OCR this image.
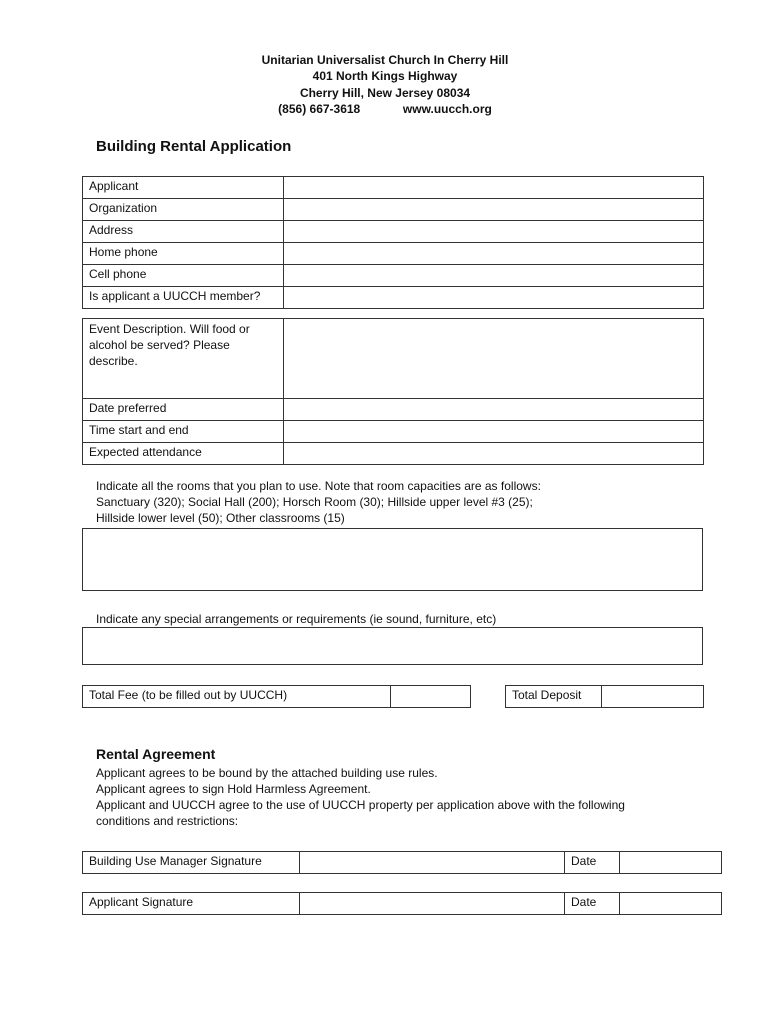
Unitarian Universalist Church In Cherry Hill
401 North Kings Highway
Cherry Hill, New Jersey 08034
(856) 667-3618	www.uucch.org
Building Rental Application
Applicant	
Organization	
Address	
Home phone	
Cell phone	
Is applicant a UUCCH member?	
Event Description. Will food or alcohol be served? Please describe.	
Date preferred	
Time start and end	
Expected attendance	
Indicate all the rooms that you plan to use. Note that room capacities are as follows:
Sanctuary (320); Social Hall (200); Horsch Room (30); Hillside upper level #3 (25);
Hillside lower level (50); Other classrooms (15)
Indicate any special arrangements or requirements (ie sound, furniture, etc)
Total Fee (to be filled out by UUCCH)		Total Deposit	
Rental Agreement
Applicant agrees to be bound by the attached building use rules.
Applicant agrees to sign Hold Harmless Agreement.
Applicant and UUCCH agree to the use of UUCCH property per application above with the following
conditions and restrictions:
Building Use Manager Signature		Date	
Applicant Signature		Date	
